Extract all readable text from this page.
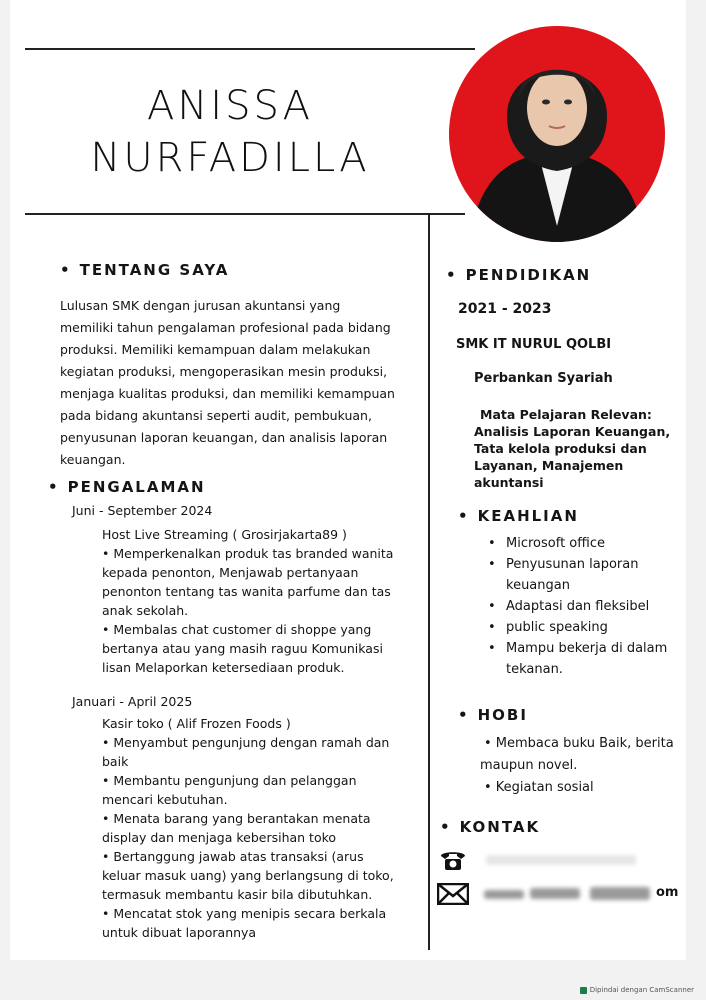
ANISSA
NURFADILLA
• TENTANG SAYA
Lulusan SMK dengan jurusan akuntansi yang
memiliki tahun pengalaman profesional pada bidang
produksi. Memiliki kemampuan dalam melakukan
kegiatan produksi, mengoperasikan mesin produksi,
menjaga kualitas produksi, dan memiliki kemampuan
pada bidang akuntansi seperti audit, pembukuan,
penyusunan laporan keuangan, dan analisis laporan
keuangan.
• PENGALAMAN
Juni - September 2024
Host Live Streaming ( Grosirjakarta89 )
• Memperkenalkan produk tas branded wanita
kepada penonton, Menjawab pertanyaan
penonton tentang tas wanita parfume dan tas
anak sekolah.
• Membalas chat customer di shoppe yang
bertanya atau yang masih raguu Komunikasi
lisan Melaporkan ketersediaan produk.
Januari - April 2025
Kasir toko ( Alif Frozen Foods )
• Menyambut pengunjung dengan ramah dan
baik
• Membantu pengunjung dan pelanggan
mencari kebutuhan.
• Menata barang yang berantakan menata
display dan menjaga kebersihan toko
• Bertanggung jawab atas transaksi (arus
keluar masuk uang) yang berlangsung di toko,
termasuk membantu kasir bila dibutuhkan.
• Mencatat stok yang menipis secara berkala
untuk dibuat laporannya
• PENDIDIKAN
2021 - 2023
SMK IT NURUL QOLBI
Perbankan Syariah
Mata Pelajaran Relevan:
Analisis Laporan Keuangan,
Tata kelola produksi dan
Layanan, Manajemen
akuntansi
• KEAHLIAN
• Microsoft office
• Penyusunan laporan keuangan
• Adaptasi dan fleksibel
• public speaking
• Mampu bekerja di dalam tekanan.
• HOBI
• Membaca buku Baik, berita
maupun novel.
• Kegiatan sosial
• KONTAK
om
Dipindai dengan CamScanner
